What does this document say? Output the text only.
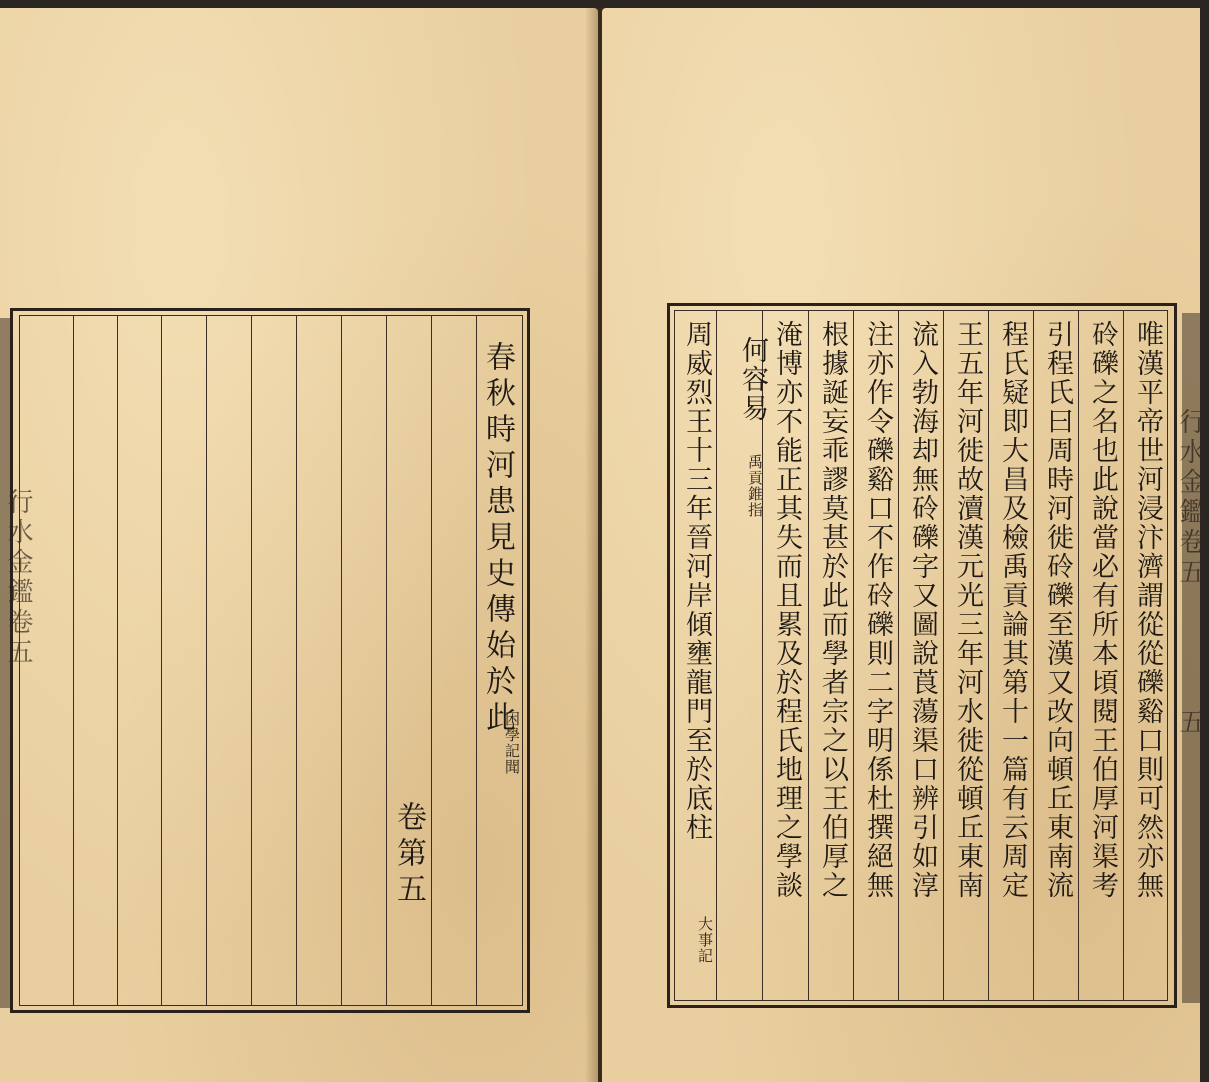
行水金鑑卷五	春秋時河患見史傳始於此
困學記聞
卷第五
行水金鑑卷五
五
唯漢平帝世河浸汴濟謂從從礫谿口則可然亦無
砱礫之名也此說當必有所本頃閱王伯厚河渠考
引程氏曰周時河徙砱礫至漢又改向頓丘東南流
程氏疑即大昌及檢禹貢論其第十一篇有云周定
王五年河徙故瀆漢元光三年河水徙從頓丘東南
流入勃海却無砱礫字又圖說莨蕩渠口辨引如淳
注亦作令礫谿口不作砱礫則二字明係杜撰絕無
根據誕妄乖謬莫甚於此而學者宗之以王伯厚之
淹博亦不能正其失而且累及於程氏地理之學談
何容易
禹貢錐指
周威烈王十三年晉河岸傾壅龍門至於底柱
大事記
